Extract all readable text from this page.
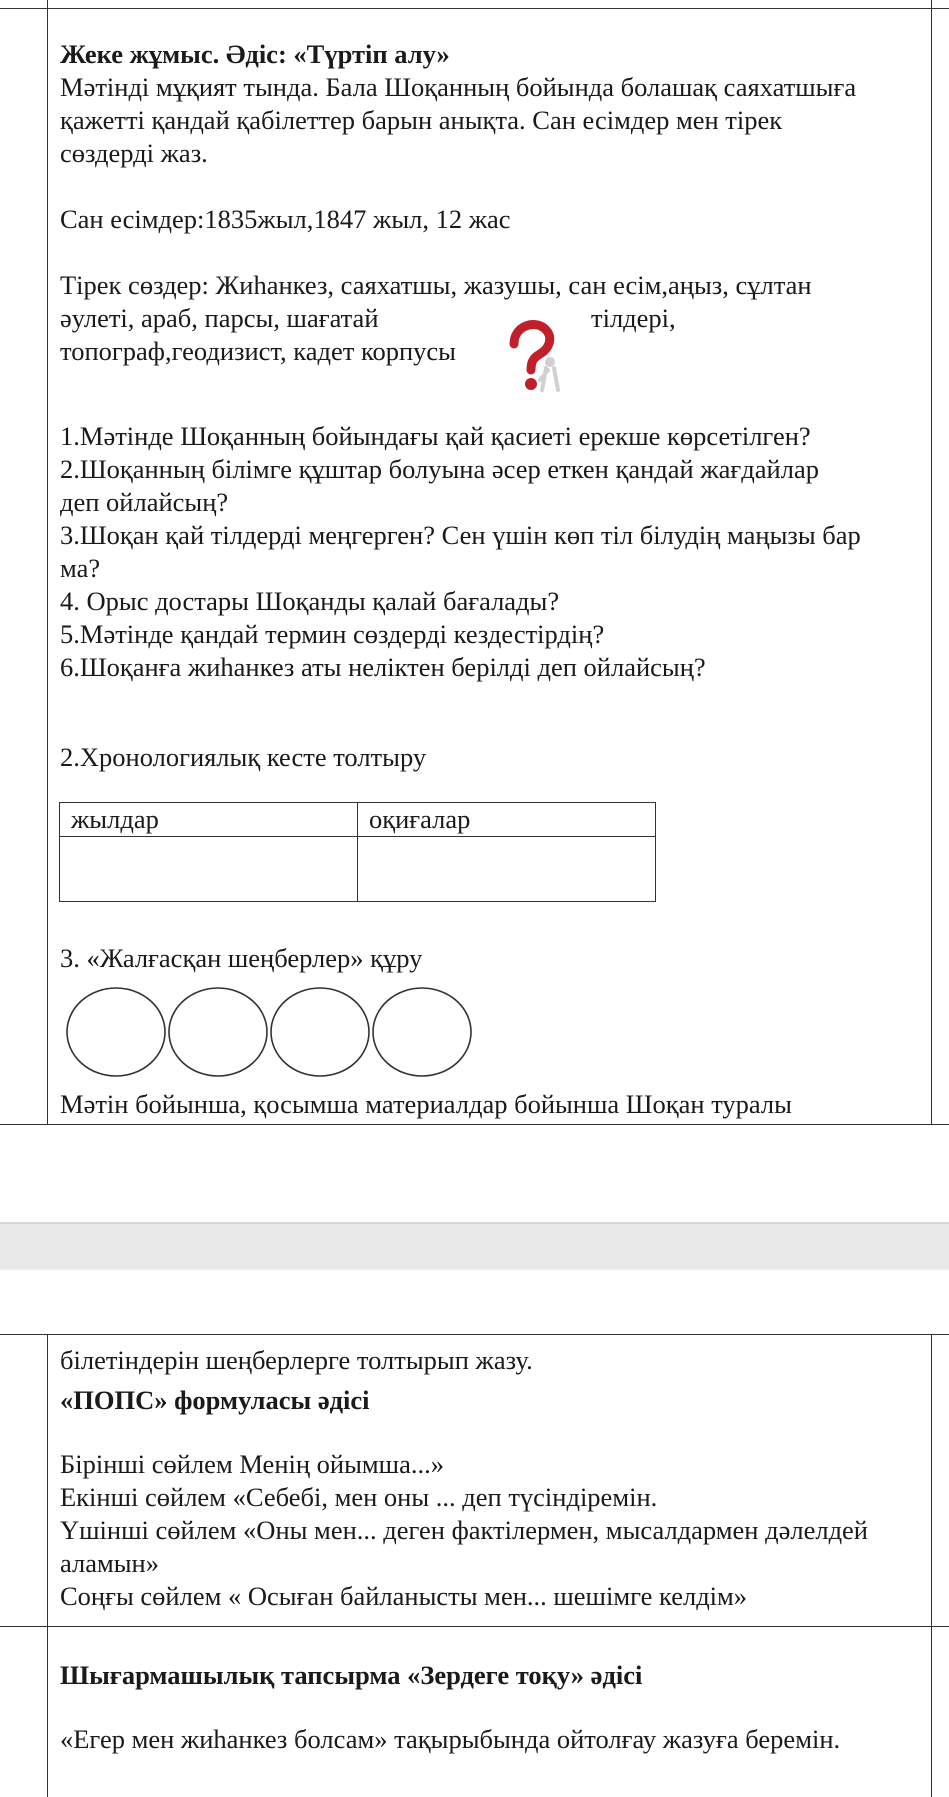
Жеке жұмыс. Әдіс: «Түртіп алу»

Мәтінді мұқият тында. Бала Шоқанның бойында болашақ саяхатшыға

қажетті қандай қабілеттер барын анықта. Сан есімдер мен тірек

сөздерді жаз.

Сан есімдер:1835жыл,1847 жыл, 12 жас

Тірек сөздер: Жиһанкез, саяхатшы, жазушы, сан есім,аңыз, сұлтан

әулеті, араб, парсы, шағатай	тілдері,

топограф,геодизист, кадет корпусы

1.Мәтінде Шоқанның бойындағы қай қасиеті ерекше көрсетілген?

2.Шоқанның білімге құштар болуына әсер еткен қандай жағдайлар

деп ойлайсың?

3.Шоқан қай тілдерді меңгерген? Сен үшін көп тіл білудің маңызы бар

ма?

4. Орыс достары Шоқанды қалай бағалады?

5.Мәтінде қандай термин сөздерді кездестірдің?

6.Шоқанға жиһанкез аты неліктен берілді деп ойлайсың?

2.Хронологиялық кесте толтыру

жылдар	оқиғалар

3. «Жалғасқан шеңберлер» құру

Мәтін бойынша, қосымша материалдар бойынша Шоқан туралы

білетіндерін шеңберлерге толтырып жазу.

«ПОПС» формуласы әдісі

Бірінші сөйлем Менің ойымша...»

Екінші сөйлем «Себебі, мен оны ... деп түсіндіремін.

Үшінші сөйлем «Оны мен... деген фактілермен, мысалдармен дәлелдей

аламын»

Соңғы сөйлем « Осыған байланысты мен... шешімге келдім»

Шығармашылық тапсырма «Зердеге тоқу» әдісі

«Егер мен жиһанкез болсам» тақырыбында ойтолғау жазуға беремін.
